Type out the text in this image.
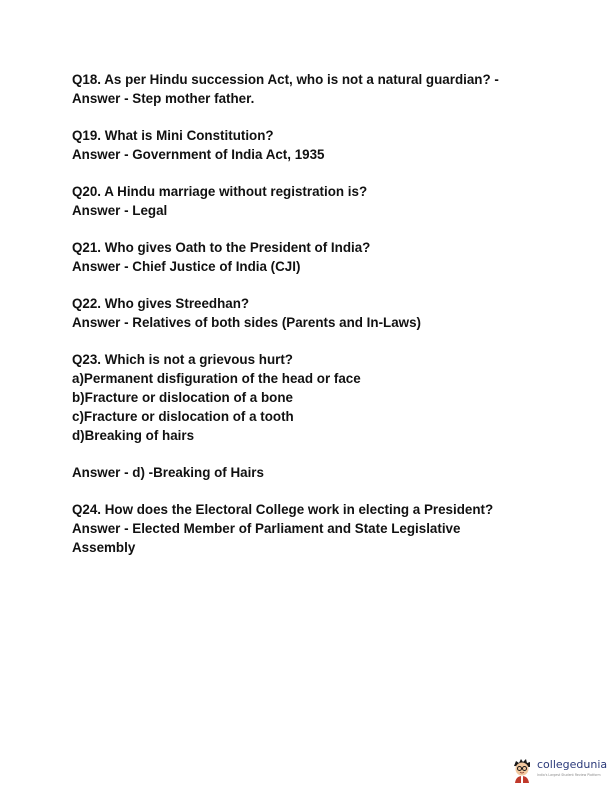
Q18. As per Hindu succession Act, who is not a natural guardian? -

Answer - Step mother father.

Q19. What is Mini Constitution?

Answer - Government of India Act, 1935

Q20. A Hindu marriage without registration is?

Answer - Legal

Q21. Who gives Oath to the President of India?

Answer - Chief Justice of India (CJI)

Q22. Who gives Streedhan?

Answer - Relatives of both sides (Parents and In-Laws)

Q23. Which is not a grievous hurt?

a)Permanent disfiguration of the head or face

b)Fracture or dislocation of a bone

c)Fracture or dislocation of a tooth

d)Breaking of hairs

Answer - d) -Breaking of Hairs

Q24. How does the Electoral College work in electing a President?

Answer - Elected Member of Parliament and State Legislative

Assembly

collegedunia
India's Largest Student Review Platform
